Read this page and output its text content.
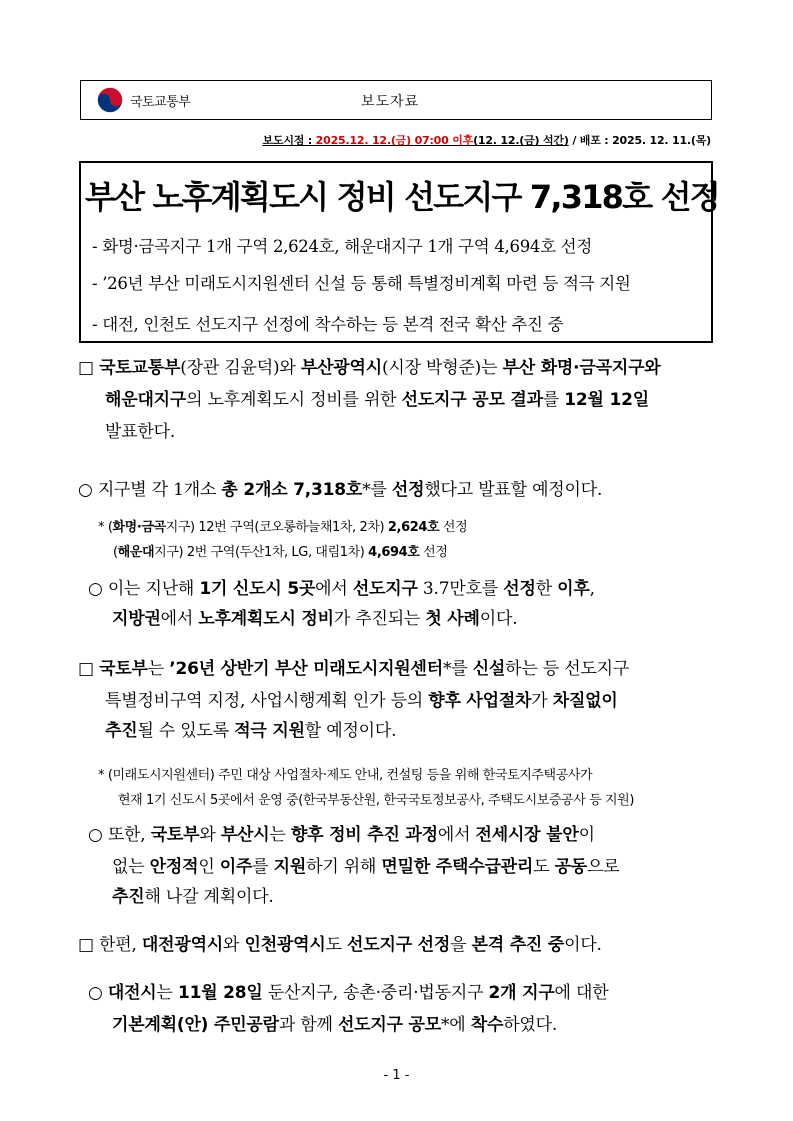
국토교통부	보도자료
보도시점 : 2025.12. 12.(금) 07:00 이후(12. 12.(금) 석간) / 배포 : 2025. 12. 11.(목)
부산 노후계획도시 정비 선도지구 7,318호 선정
- 화명·금곡지구 1개 구역 2,624호, 해운대지구 1개 구역 4,694호 선정
- ’26년 부산 미래도시지원센터 신설 등 통해 특별정비계획 마련 등 적극 지원
- 대전, 인천도 선도지구 선정에 착수하는 등 본격 전국 확산 추진 중
□ 국토교통부(장관 김윤덕)와 부산광역시(시장 박형준)는 부산 화명·금곡지구와
해운대지구의 노후계획도시 정비를 위한 선도지구 공모 결과를 12월 12일
발표한다.
○ 지구별 각 1개소 총 2개소 7,318호*를 선정했다고 발표할 예정이다.
* (화명·금곡지구) 12번 구역(코오롱하늘채1차, 2차) 2,624호 선정
(해운대지구) 2번 구역(두산1차, LG, 대림1차) 4,694호 선정
○ 이는 지난해 1기 신도시 5곳에서 선도지구 3.7만호를 선정한 이후,
지방권에서 노후계획도시 정비가 추진되는 첫 사례이다.
□ 국토부는 ’26년 상반기 부산 미래도시지원센터*를 신설하는 등 선도지구
특별정비구역 지정, 사업시행계획 인가 등의 향후 사업절차가 차질없이
추진될 수 있도록 적극 지원할 예정이다.
* (미래도시지원센터) 주민 대상 사업절차·제도 안내, 컨설팅 등을 위해 한국토지주택공사가
현재 1기 신도시 5곳에서 운영 중(한국부동산원, 한국국토정보공사, 주택도시보증공사 등 지원)
○ 또한, 국토부와 부산시는 향후 정비 추진 과정에서 전세시장 불안이
없는 안정적인 이주를 지원하기 위해 면밀한 주택수급관리도 공동으로
추진해 나갈 계획이다.
□ 한편, 대전광역시와 인천광역시도 선도지구 선정을 본격 추진 중이다.
○ 대전시는 11월 28일 둔산지구, 송촌·중리·법동지구 2개 지구에 대한
기본계획(안) 주민공람과 함께 선도지구 공모*에 착수하였다.
- 1 -
